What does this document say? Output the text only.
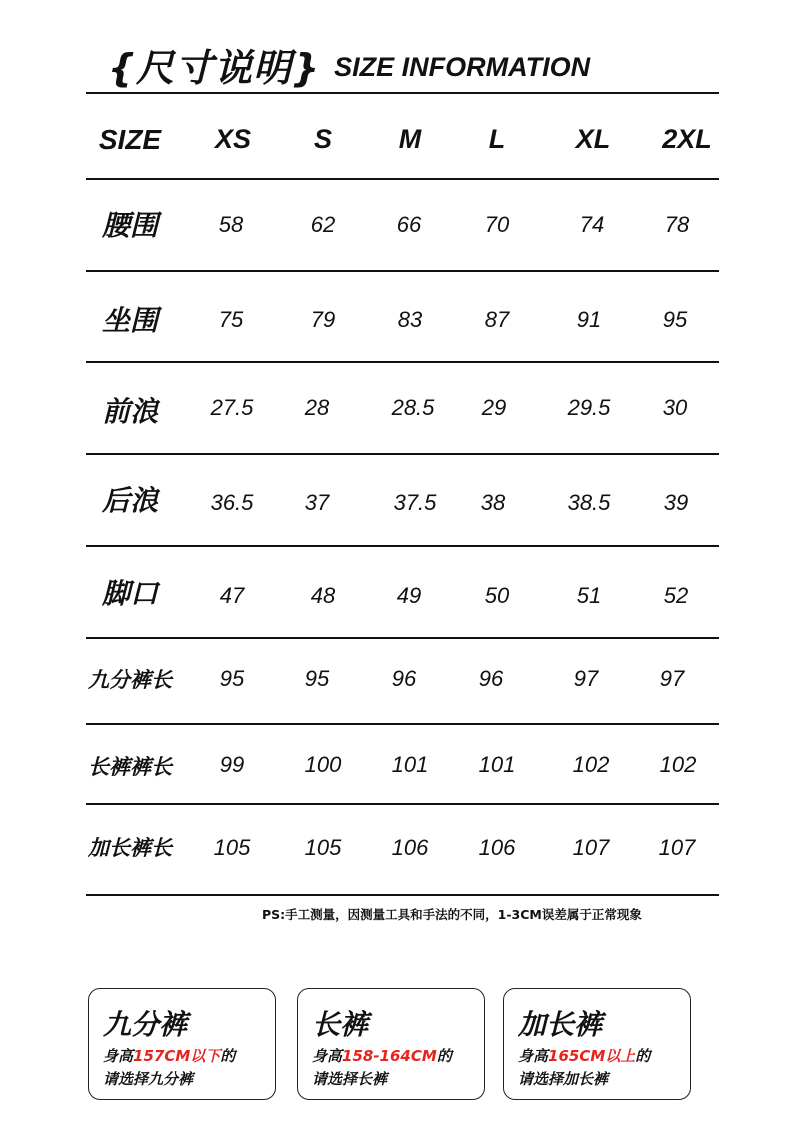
{尺寸说明} SIZE INFORMATION
SIZE	XS	S	M	L	XL	2XL
腰围	58	62	66	70	74	78
坐围	75	79	83	87	91	95
前浪	27.5	28	28.5	29	29.5	30
后浪	36.5	37	37.5	38	38.5	39
脚口	47	48	49	50	51	52
九分裤长	95	95	96	96	97	97
长裤裤长	99	100	101	101	102	102
加长裤长	105	105	106	106	107	107
PS:手工测量，因测量工具和手法的不同，1-3CM误差属于正常现象
九分裤
身高157CM以下的
请选择九分裤
长裤
身高158-164CM的
请选择长裤
加长裤
身高165CM以上的
请选择加长裤
